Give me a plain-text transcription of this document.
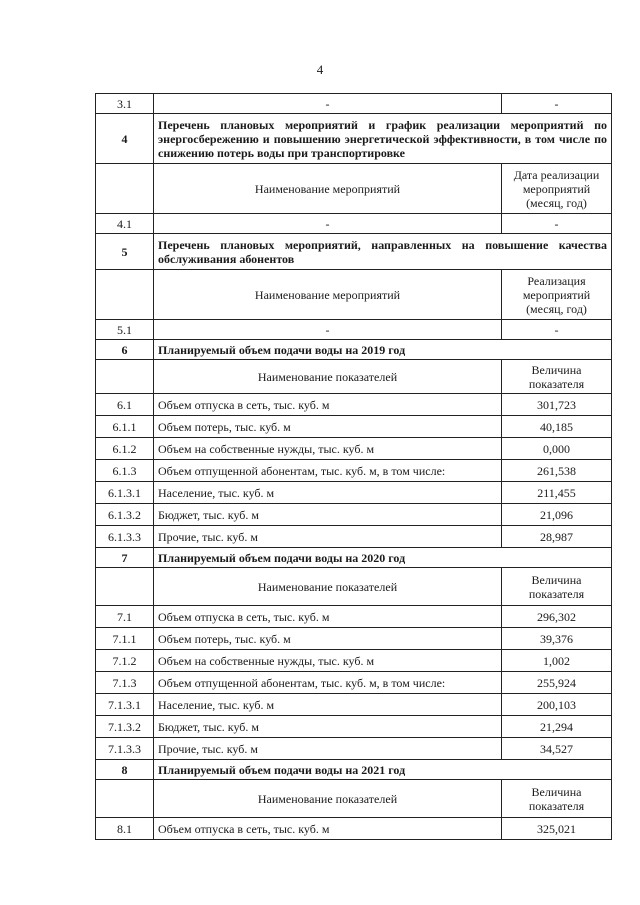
4
3.1	-	-
4	Перечень плановых мероприятий и график реализации мероприятий по энергосбережению и повышению энергетической эффективности, в том числе по снижению потерь воды при транспортировке	
	Наименование мероприятий	Дата реализации мероприятий (месяц, год)
4.1	-	-
5	Перечень плановых мероприятий, направленных на повышение качества обслуживания абонентов	
	Наименование мероприятий	Реализация мероприятий (месяц, год)
5.1	-	-
6	Планируемый объем подачи воды на 2019 год	
	Наименование показателей	Величина показателя
6.1	Объем отпуска в сеть, тыс. куб. м	301,723
6.1.1	Объем потерь, тыс. куб. м	40,185
6.1.2	Объем на собственные нужды, тыс. куб. м	0,000
6.1.3	Объем отпущенной абонентам, тыс. куб. м, в том числе:	261,538
6.1.3.1	Население, тыс. куб. м	211,455
6.1.3.2	Бюджет, тыс. куб. м	21,096
6.1.3.3	Прочие, тыс. куб. м	28,987
7	Планируемый объем подачи воды на 2020 год	
	Наименование показателей	Величина показателя
7.1	Объем отпуска в сеть, тыс. куб. м	296,302
7.1.1	Объем потерь, тыс. куб. м	39,376
7.1.2	Объем на собственные нужды, тыс. куб. м	1,002
7.1.3	Объем отпущенной абонентам, тыс. куб. м, в том числе:	255,924
7.1.3.1	Население, тыс. куб. м	200,103
7.1.3.2	Бюджет, тыс. куб. м	21,294
7.1.3.3	Прочие, тыс. куб. м	34,527
8	Планируемый объем подачи воды на 2021 год	
	Наименование показателей	Величина показателя
8.1	Объем отпуска в сеть, тыс. куб. м	325,021
